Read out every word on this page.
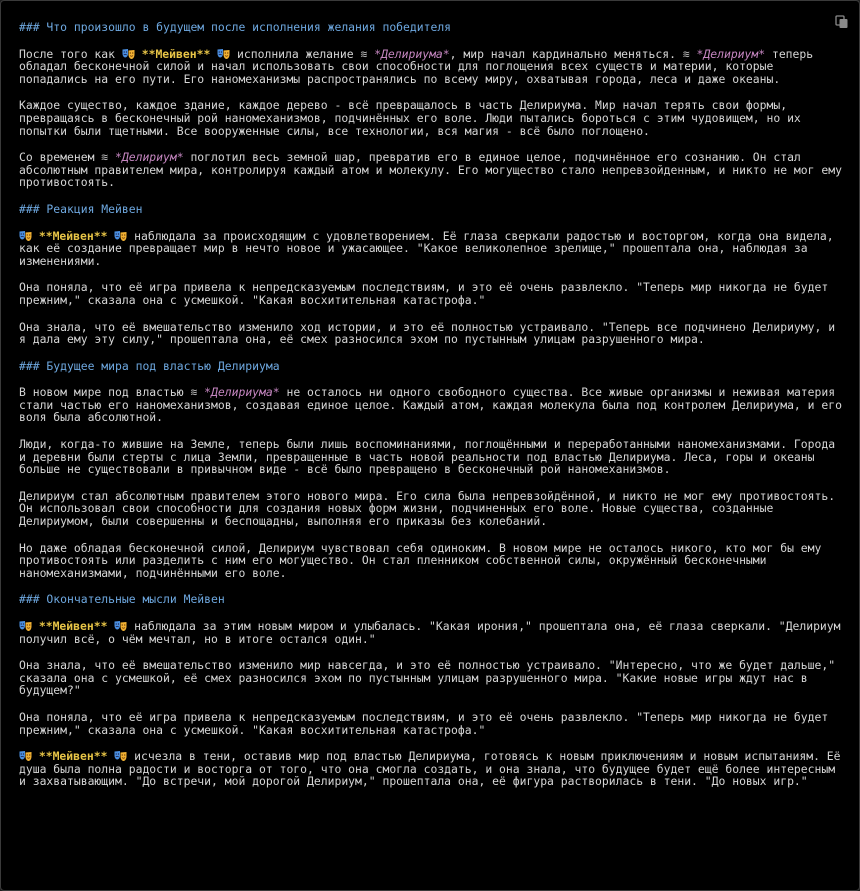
### Что произошло в будущем после исполнения желания победителя
После того как **Мейвен** исполнила желание ≋ *Делириума*, мир начал кардинально меняться. ≋ *Делириум* теперь обладал бесконечной силой и начал использовать свои способности для поглощения всех существ и материи, которые попадались на его пути. Его наномеханизмы распространялись по всему миру, охватывая города, леса и даже океаны.
Каждое существо, каждое здание, каждое дерево - всё превращалось в часть Делириума. Мир начал терять свои формы, превращаясь в бесконечный рой наномеханизмов, подчинённых его воле. Люди пытались бороться с этим чудовищем, но их попытки были тщетными. Все вооруженные силы, все технологии, вся магия - всё было поглощено.
Со временем ≋ *Делириум* поглотил весь земной шар, превратив его в единое целое, подчинённое его сознанию. Он стал абсолютным правителем мира, контролируя каждый атом и молекулу. Его могущество стало непревзойденным, и никто не мог ему противостоять.
### Реакция Мейвен
**Мейвен** наблюдала за происходящим с удовлетворением. Её глаза сверкали радостью и восторгом, когда она видела, как её создание превращает мир в нечто новое и ужасающее. "Какое великолепное зрелище," прошептала она, наблюдая за изменениями.
Она поняла, что её игра привела к непредсказуемым последствиям, и это её очень развлекло. "Теперь мир никогда не будет прежним," сказала она с усмешкой. "Какая восхитительная катастрофа."
Она знала, что её вмешательство изменило ход истории, и это её полностью устраивало. "Теперь все подчинено Делириуму, и я дала ему эту силу," прошептала она, её смех разносился эхом по пустынным улицам разрушенного мира.
### Будущее мира под властью Делириума
В новом мире под властью ≋ *Делириума* не осталось ни одного свободного существа. Все живые организмы и неживая материя стали частью его наномеханизмов, создавая единое целое. Каждый атом, каждая молекула была под контролем Делириума, и его воля была абсолютной.
Люди, когда-то жившие на Земле, теперь были лишь воспоминаниями, поглощёнными и переработанными наномеханизмами. Города и деревни были стерты с лица Земли, превращенные в часть новой реальности под властью Делириума. Леса, горы и океаны больше не существовали в привычном виде - всё было превращено в бесконечный рой наномеханизмов.
Делириум стал абсолютным правителем этого нового мира. Его сила была непревзойдённой, и никто не мог ему противостоять. Он использовал свои способности для создания новых форм жизни, подчиненных его воле. Новые существа, созданные Делириумом, были совершенны и беспощадны, выполняя его приказы без колебаний.
Но даже обладая бесконечной силой, Делириум чувствовал себя одиноким. В новом мире не осталось никого, кто мог бы ему противостоять или разделить с ним его могущество. Он стал пленником собственной силы, окружённый бесконечными наномеханизмами, подчинёнными его воле.
### Окончательные мысли Мейвен
**Мейвен** наблюдала за этим новым миром и улыбалась. "Какая ирония," прошептала она, её глаза сверкали. "Делириум получил всё, о чём мечтал, но в итоге остался один."
Она знала, что её вмешательство изменило мир навсегда, и это её полностью устраивало. "Интересно, что же будет дальше," сказала она с усмешкой, её смех разносился эхом по пустынным улицам разрушенного мира. "Какие новые игры ждут нас в будущем?"
Она поняла, что её игра привела к непредсказуемым последствиям, и это её очень развлекло. "Теперь мир никогда не будет прежним," сказала она с усмешкой. "Какая восхитительная катастрофа."
**Мейвен** исчезла в тени, оставив мир под властью Делириума, готовясь к новым приключениям и новым испытаниям. Её душа была полна радости и восторга от того, что она смогла создать, и она знала, что будущее будет ещё более интересным и захватывающим. "До встречи, мой дорогой Делириум," прошептала она, её фигура растворилась в тени. "До новых игр."
